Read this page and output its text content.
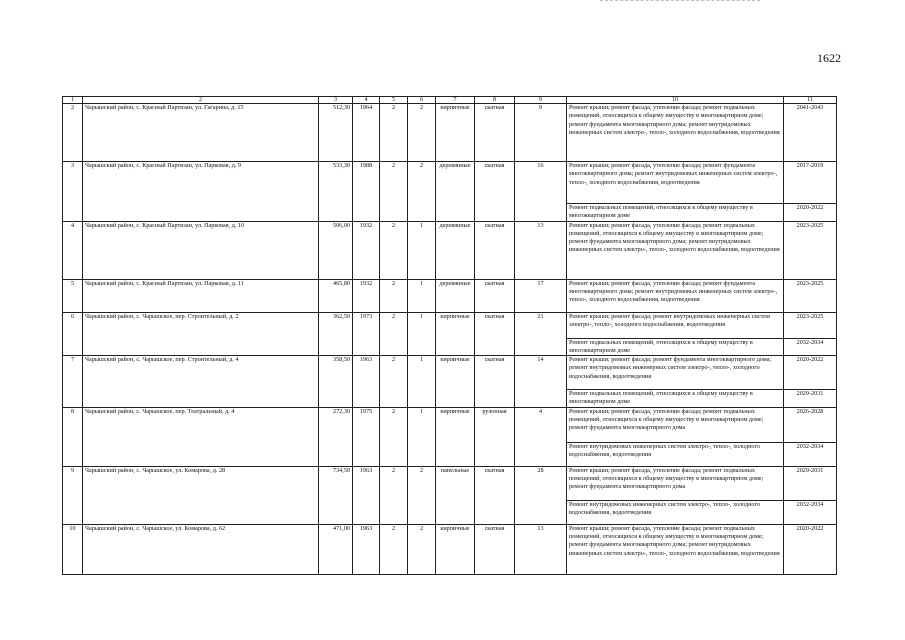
1622
1	2	3	4	5	6	7	8	9	10	11
2	Чарышский район, с. Красный Партизан, ул. Гагарина, д. 15	512,30	1964	2	2	кирпичные	скатная	9	Ремонт крыши; ремонт фасада, утепление фасада; ремонт подвальных помещений, относящихся к общему имуществу в многоквартирном доме; ремонт фундамента многоквартирного дома; ремонт внутридомовых инженерных систем электро-, тепло-, холодного водоснабжения, водоотведения	2041-2043
3	Чарышский район, с. Красный Партизан, ул. Парковая, д. 9	533,30	1988	2	2	деревянные	скатная	16	Ремонт крыши; ремонт фасада, утепление фасада; ремонт фундамента многоквартирного дома; ремонт внутридомовых инженерных систем электро-, тепло-, холодного водоснабжения, водоотведения	2017-2019
									Ремонт подвальных помещений, относящихся к общему имуществу в многоквартирном доме	2020-2022
4	Чарышский район, с. Красный Партизан, ул. Парковая, д. 10	506,00	1932	2	1	деревянные	скатная	13	Ремонт крыши; ремонт фасада, утепление фасада; ремонт подвальных помещений, относящихся к общему имуществу в многоквартирном доме; ремонт фундамента многоквартирного дома; ремонт внутридомовых инженерных систем электро-, тепло-, холодного водоснабжения, водоотведения	2023-2025
5	Чарышский район, с. Красный Партизан, ул. Парковая, д. 11	465,80	1932	2	1	деревянные	скатная	17	Ремонт крыши; ремонт фасада, утепление фасада; ремонт фундамента многоквартирного дома; ремонт внутридомовых инженерных систем электро-, тепло-, холодного водоснабжения, водоотведения	2023-2025
6	Чарышский район, с. Чарышское, пер. Строительный, д. 2	362,50	1973	2	1	кирпичные	скатная	21	Ремонт крыши; ремонт фасада; ремонт внутридомовых инженерных систем электро-, тепло-, холодного водоснабжения, водоотведения	2023-2025
									Ремонт подвальных помещений, относящихся к общему имуществу в многоквартирном доме	2032-2034
7	Чарышский район, с. Чарышское, пер. Строительный, д. 4	358,50	1963	2	1	кирпичные	скатная	14	Ремонт крыши; ремонт фасада; ремонт фундамента многоквартирного дома; ремонт внутридомовых инженерных систем электро-, тепло-, холодного водоснабжения, водоотведения	2020-2022
									Ремонт подвальных помещений, относящихся к общему имуществу в многоквартирном доме	2029-2031
8	Чарышский район, с. Чарышское, пер. Театральный, д. 4	272,30	1975	2	1	кирпичные	рулонная	4	Ремонт крыши; ремонт фасада, утепление фасада; ремонт подвальных помещений, относящихся к общему имуществу в многоквартирном доме; ремонт фундамента многоквартирного дома	2026-2028
									Ремонт внутридомовых инженерных систем электро-, тепло-, холодного водоснабжения, водоотведения	2032-2034
9	Чарышский район, с. Чарышское, ул. Комарова, д. 28	734,50	1963	2	2	панельные	скатная	28	Ремонт крыши; ремонт фасада, утепление фасада; ремонт подвальных помещений, относящихся к общему имуществу в многоквартирном доме; ремонт фундамента многоквартирного дома	2029-2031
									Ремонт внутридомовых инженерных систем электро-, тепло-, холодного водоснабжения, водоотведения	2032-2034
10	Чарышский район, с. Чарышское, ул. Комарова, д. 62	471,00	1963	2	2	кирпичные	скатная	13	Ремонт крыши; ремонт фасада, утепление фасада; ремонт подвальных помещений, относящихся к общему имуществу в многоквартирном доме; ремонт фундамента многоквартирного дома; ремонт внутридомовых инженерных систем электро-, тепло-, холодного водоснабжения, водоотведения	2020-2022
